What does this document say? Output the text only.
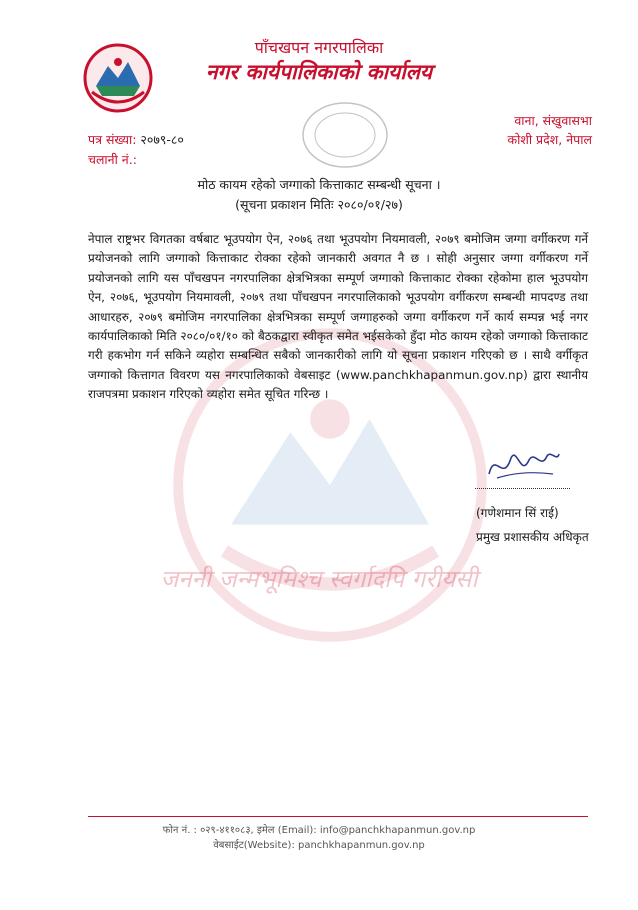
जननी जन्मभूमिश्च स्वर्गादपि गरीयसी
पाँचखपन नगरपालिका
नगर कार्यपालिकाको कार्यालय
वाना, संखुवासभा
कोशी प्रदेश, नेपाल
पत्र संख्या: २०७९-८०
चलानी नं.:
मोठ कायम रहेको जग्गाको कित्ताकाट सम्बन्धी सूचना ।
(सूचना प्रकाशन मितिः २०८०/०१/२७)
नेपाल राष्ट्रभर विगतका वर्षबाट भूउपयोग ऐन, २०७६ तथा भूउपयोग नियमावली, २०७९ बमोजिम जग्गा वर्गीकरण गर्ने प्रयोजनको लागि जग्गाको कित्ताकाट रोक्का रहेको जानकारी अवगत नै छ । सोही अनुसार जग्गा वर्गीकरण गर्ने प्रयोजनको लागि यस पाँचखपन नगरपालिका क्षेत्रभित्रका सम्पूर्ण जग्गाको कित्ताकाट रोक्का रहेकोमा हाल भूउपयोग ऐन, २०७६, भूउपयोग नियमावली, २०७९ तथा पाँचखपन नगरपालिकाको भूउपयोग वर्गीकरण सम्बन्धी मापदण्ड तथा आधारहरु, २०७९ बमोजिम नगरपालिका क्षेत्रभित्रका सम्पूर्ण जग्गाहरुको जग्गा वर्गीकरण गर्ने कार्य सम्पन्न भई नगर कार्यपालिकाको मिति २०८०/०१/१० को बैठकद्वारा स्वीकृत समेत भईसकेको हुँदा मोठ कायम रहेको जग्गाको कित्ताकाट गरी हकभोग गर्न सकिने व्यहोरा सम्बन्धित सबैको जानकारीको लागि यो सूचना प्रकाशन गरिएको छ । साथै वर्गीकृत जग्गाको कित्तागत विवरण यस नगरपालिकाको वेबसाइट (www.panchkhapanmun.gov.np) द्वारा स्थानीय राजपत्रमा प्रकाशन गरिएको व्यहोरा समेत सूचित गरिन्छ ।
(गणेशमान सिं राई)
प्रमुख प्रशासकीय अधिकृत
फोन नं. : ०२९-४११०८३, इमेल (Email): info@panchkhapanmun.gov.np
वेबसाईट(Website): panchkhapanmun.gov.np
